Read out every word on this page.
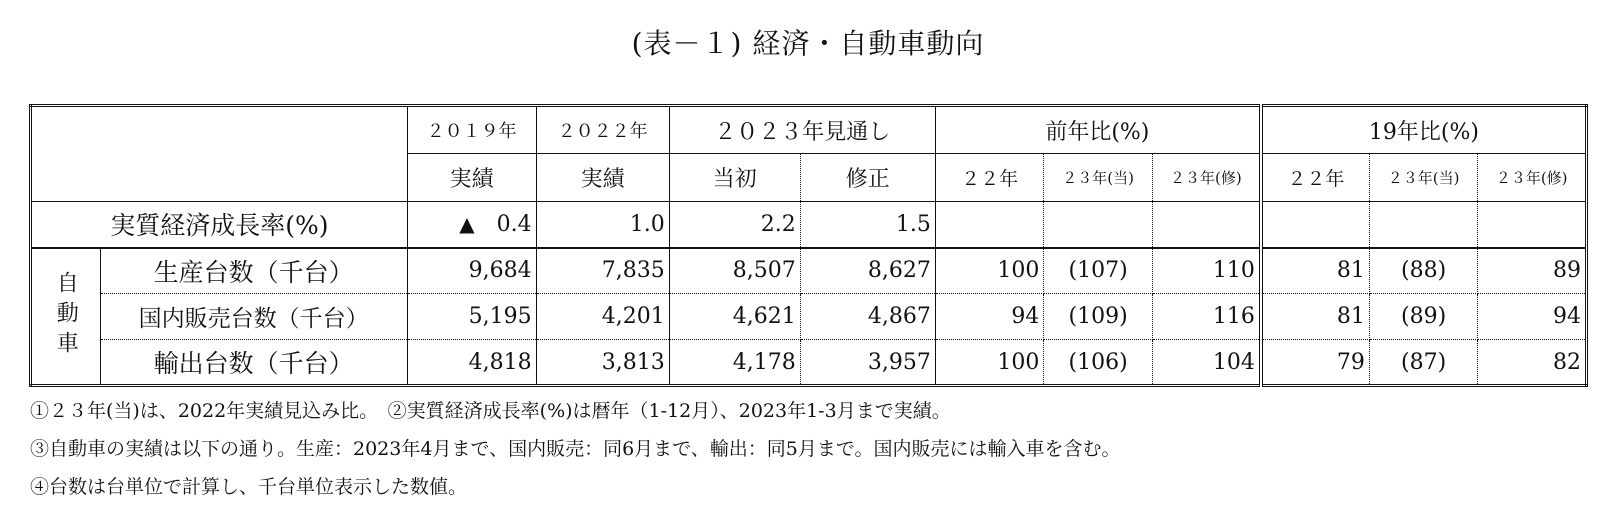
(表－１) 経済・自動車動向
		２０１９年	２０２２年	２０２３年見通し		前年比(%)			19年比(%)		
		実績	実績	当初	修正	２２年	２３年(当)	２３年(修)	２２年	２３年(当)	２３年(修)
実質経済成長率(%)		▲ 0.4	1.0	2.2	1.5						
自動車	生産台数（千台）	9,684	7,835	8,507	8,627	100	(107)	110	81	(88)	89
	国内販売台数（千台）	5,195	4,201	4,621	4,867	94	(109)	116	81	(89)	94
	輸出台数（千台）	4,818	3,813	4,178	3,957	100	(106)	104	79	(87)	82
①２３年(当)は、2022年実績見込み比。　②実質経済成長率(%)は暦年（1-12月）、2023年1-3月まで実績。
③自動車の実績は以下の通り。生産：2023年4月まで、国内販売：同6月まで、輸出：同5月まで。国内販売には輸入車を含む。
④台数は台単位で計算し、千台単位表示した数値。
